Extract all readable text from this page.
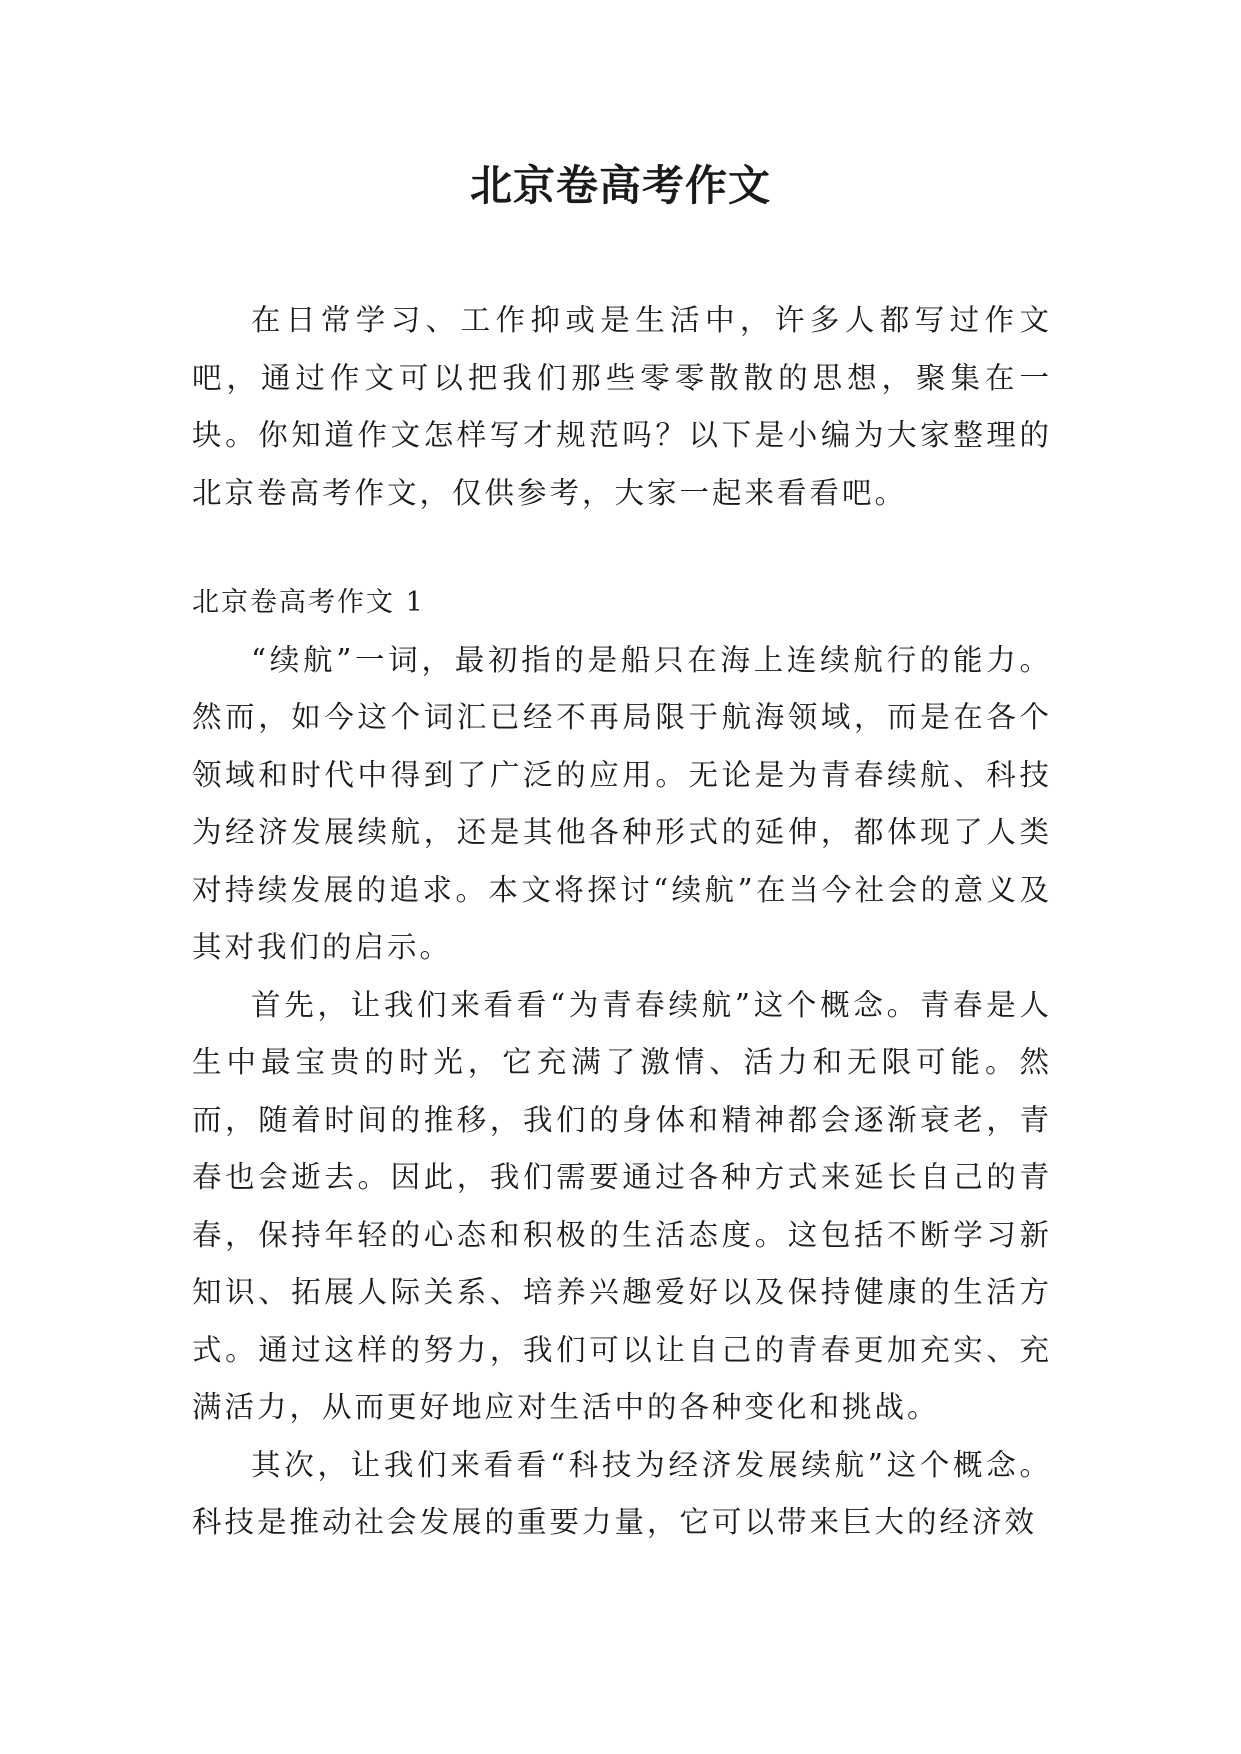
北京卷高考作文

在日常学习、工作抑或是生活中，许多人都写过作文吧，通过作文可以把我们那些零零散散的思想，聚集在一块。你知道作文怎样写才规范吗？以下是小编为大家整理的北京卷高考作文，仅供参考，大家一起来看看吧。

北京卷高考作文 1

“续航”一词，最初指的是船只在海上连续航行的能力。然而，如今这个词汇已经不再局限于航海领域，而是在各个领域和时代中得到了广泛的应用。无论是为青春续航、科技为经济发展续航，还是其他各种形式的延伸，都体现了人类对持续发展的追求。本文将探讨“续航”在当今社会的意义及其对我们的启示。

首先，让我们来看看“为青春续航”这个概念。青春是人生中最宝贵的时光，它充满了激情、活力和无限可能。然而，随着时间的推移，我们的身体和精神都会逐渐衰老，青春也会逝去。因此，我们需要通过各种方式来延长自己的青春，保持年轻的心态和积极的生活态度。这包括不断学习新知识、拓展人际关系、培养兴趣爱好以及保持健康的生活方式。通过这样的努力，我们可以让自己的青春更加充实、充满活力，从而更好地应对生活中的各种变化和挑战。

其次，让我们来看看“科技为经济发展续航”这个概念。科技是推动社会发展的重要力量，它可以带来巨大的经济效
